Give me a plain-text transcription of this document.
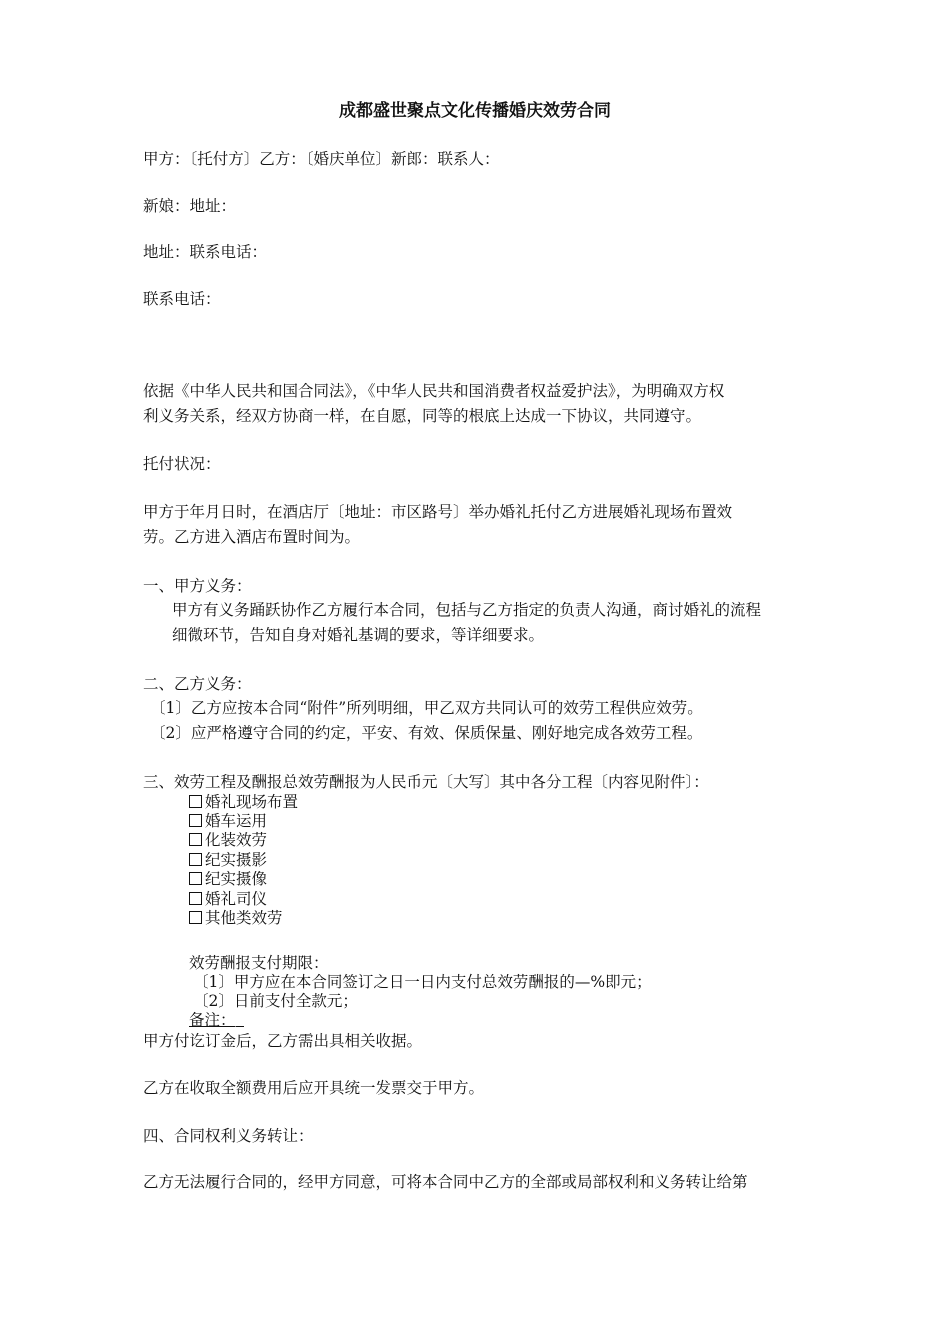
成都盛世聚点文化传播婚庆效劳合同

甲方：〔托付方〕乙方：〔婚庆单位〕新郎：联系人：

新娘：地址：

地址：联系电话：

联系电话：

依据《中华人民共和国合同法》，《中华人民共和国消费者权益爱护法》，为明确双方权

利义务关系，经双方协商一样，在自愿，同等的根底上达成一下协议，共同遵守。

托付状况：

甲方于年月日时，在酒店厅〔地址：市区路号〕举办婚礼托付乙方进展婚礼现场布置效

劳。乙方进入酒店布置时间为。

一、甲方义务：

甲方有义务踊跃协作乙方履行本合同，包括与乙方指定的负责人沟通，商讨婚礼的流程

细微环节，告知自身对婚礼基调的要求，等详细要求。

二、乙方义务：

〔1〕乙方应按本合同“附件”所列明细，甲乙双方共同认可的效劳工程供应效劳。

〔2〕应严格遵守合同的约定，平安、有效、保质保量、刚好地完成各效劳工程。

三、效劳工程及酬报总效劳酬报为人民币元〔大写〕其中各分工程〔内容见附件〕：

婚礼现场布置
婚车运用
化装效劳
纪实摄影
纪实摄像
婚礼司仪
其他类效劳

效劳酬报支付期限：

〔1〕甲方应在本合同签订之日一日内支付总效劳酬报的—%即元；

〔2〕日前支付全款元；

备注：

甲方付讫订金后，乙方需出具相关收据。

乙方在收取全额费用后应开具统一发票交于甲方。

四、合同权利义务转让：

乙方无法履行合同的，经甲方同意，可将本合同中乙方的全部或局部权利和义务转让给第
